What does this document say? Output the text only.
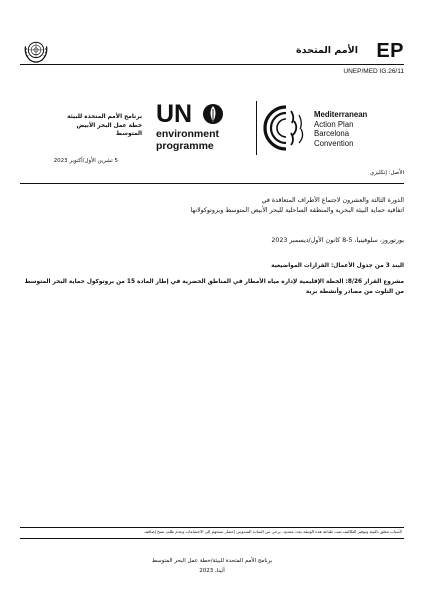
EP
الأمم المتحدة
UNEP/MED IG.26/11
برنامج الأمم المتحدة للبيئة
خطة عمل البحر الأبيض
المتوسط
UN
environment
programme
Mediterranean
Action Plan
Barcelona
Convention
5 تشرين الأول/أكتوبر 2023
الأصل: إنكليزي
الدورة الثالثة والعشرون لاجتماع الأطراف المتعاقدة في
اتفاقية حماية البيئة البحرية والمنطقة الساحلية للبحر الأبيض المتوسط وبروتوكولاتها
بورتوروز، سلوفينيا، 5-8 كانون الأول/ديسمبر 2023
البند 3 من جدول الأعمال: القرارات المواضيعية
مشروع القرار 8/26: الخطة الإقليمية لإدارة مياه الأمطار في المناطق الحضرية في إطار المادة 15 من بروتوكول حماية البحر المتوسط من التلوث من مصادر وأنشطة برية
لأسباب تتعلق بالبيئة وتوفير التكاليف تمت طباعة هذه الوثيقة بعدد محدود. يرجى من السادة المندوبين إحضار نسخهم إلى الاجتماعات وعدم طلب نسخ إضافية.
برنامج الأمم المتحدة للبيئة/خطة عمل البحر المتوسط
أثينا، 2023
